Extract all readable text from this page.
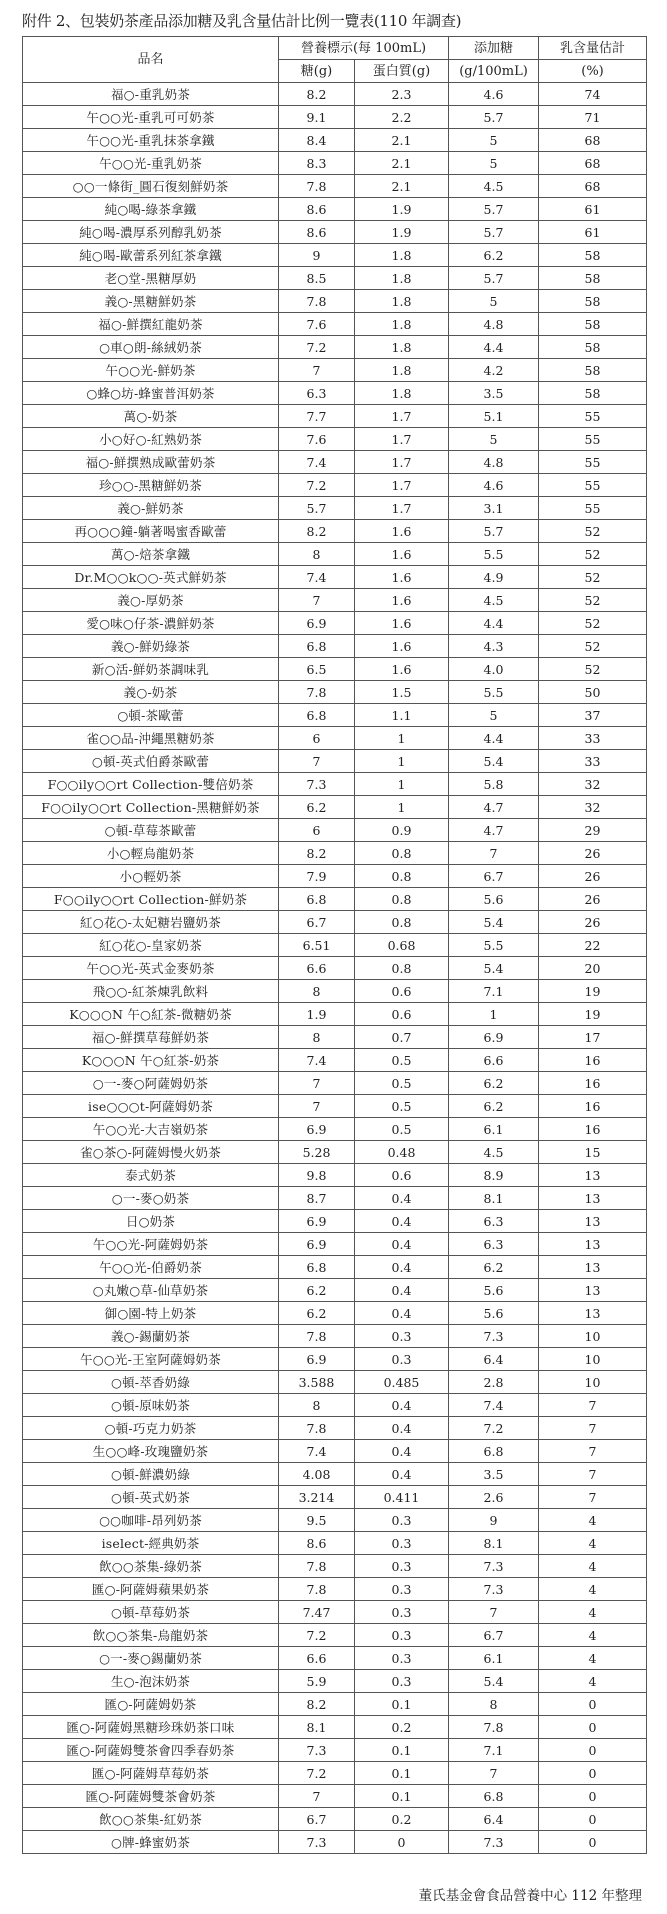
附件 2、包裝奶茶產品添加糖及乳含量估計比例一覽表(110 年調查)
品名	營養標示(每 100mL)		添加糖	乳含量估計
	糖(g)	蛋白質(g)	(g/100mL)	(%)
福○-重乳奶茶	8.2	2.3	4.6	74
午○○光-重乳可可奶茶	9.1	2.2	5.7	71
午○○光-重乳抹茶拿鐵	8.4	2.1	5	68
午○○光-重乳奶茶	8.3	2.1	5	68
○○一條街_圓石復刻鮮奶茶	7.8	2.1	4.5	68
純○喝-綠茶拿鐵	8.6	1.9	5.7	61
純○喝-濃厚系列醇乳奶茶	8.6	1.9	5.7	61
純○喝-歐蕾系列紅茶拿鐵	9	1.8	6.2	58
老○堂-黑糖厚奶	8.5	1.8	5.7	58
義○-黑糖鮮奶茶	7.8	1.8	5	58
福○-鮮撰紅龍奶茶	7.6	1.8	4.8	58
○車○朗-絲絨奶茶	7.2	1.8	4.4	58
午○○光-鮮奶茶	7	1.8	4.2	58
○蜂○坊-蜂蜜普洱奶茶	6.3	1.8	3.5	58
萬○-奶茶	7.7	1.7	5.1	55
小○好○-紅熟奶茶	7.6	1.7	5	55
福○-鮮撰熟成歐蕾奶茶	7.4	1.7	4.8	55
珍○○-黑糖鮮奶茶	7.2	1.7	4.6	55
義○-鮮奶茶	5.7	1.7	3.1	55
再○○○鐘-躺著喝蜜香歐蕾	8.2	1.6	5.7	52
萬○-焙茶拿鐵	8	1.6	5.5	52
Dr.M○○k○○-英式鮮奶茶	7.4	1.6	4.9	52
義○-厚奶茶	7	1.6	4.5	52
愛○味○仔茶-濃鮮奶茶	6.9	1.6	4.4	52
義○-鮮奶綠茶	6.8	1.6	4.3	52
新○活-鮮奶茶調味乳	6.5	1.6	4.0	52
義○-奶茶	7.8	1.5	5.5	50
○頓-茶歐蕾	6.8	1.1	5	37
雀○○品-沖繩黑糖奶茶	6	1	4.4	33
○頓-英式伯爵茶歐蕾	7	1	5.4	33
F○○ily○○rt Collection-雙倍奶茶	7.3	1	5.8	32
F○○ily○○rt Collection-黑糖鮮奶茶	6.2	1	4.7	32
○頓-草莓茶歐蕾	6	0.9	4.7	29
小○輕烏龍奶茶	8.2	0.8	7	26
小○輕奶茶	7.9	0.8	6.7	26
F○○ily○○rt Collection-鮮奶茶	6.8	0.8	5.6	26
紅○花○-太妃糖岩鹽奶茶	6.7	0.8	5.4	26
紅○花○-皇家奶茶	6.51	0.68	5.5	22
午○○光-英式金麥奶茶	6.6	0.8	5.4	20
飛○○-紅茶煉乳飲料	8	0.6	7.1	19
K○○○N 午○紅茶-微糖奶茶	1.9	0.6	1	19
福○-鮮撰草莓鮮奶茶	8	0.7	6.9	17
K○○○N 午○紅茶-奶茶	7.4	0.5	6.6	16
○一-麥○阿薩姆奶茶	7	0.5	6.2	16
ise○○○t-阿薩姆奶茶	7	0.5	6.2	16
午○○光-大吉嶺奶茶	6.9	0.5	6.1	16
雀○茶○-阿薩姆慢火奶茶	5.28	0.48	4.5	15
泰式奶茶	9.8	0.6	8.9	13
○一-麥○奶茶	8.7	0.4	8.1	13
日○奶茶	6.9	0.4	6.3	13
午○○光-阿薩姆奶茶	6.9	0.4	6.3	13
午○○光-伯爵奶茶	6.8	0.4	6.2	13
○丸嫩○草-仙草奶茶	6.2	0.4	5.6	13
御○園-特上奶茶	6.2	0.4	5.6	13
義○-錫蘭奶茶	7.8	0.3	7.3	10
午○○光-王室阿薩姆奶茶	6.9	0.3	6.4	10
○頓-萃香奶綠	3.588	0.485	2.8	10
○頓-原味奶茶	8	0.4	7.4	7
○頓-巧克力奶茶	7.8	0.4	7.2	7
生○○峰-玫瑰鹽奶茶	7.4	0.4	6.8	7
○頓-鮮濃奶綠	4.08	0.4	3.5	7
○頓-英式奶茶	3.214	0.411	2.6	7
○○咖啡-昂列奶茶	9.5	0.3	9	4
iselect-經典奶茶	8.6	0.3	8.1	4
飲○○茶集-綠奶茶	7.8	0.3	7.3	4
匯○-阿薩姆蘋果奶茶	7.8	0.3	7.3	4
○頓-草莓奶茶	7.47	0.3	7	4
飲○○茶集-烏龍奶茶	7.2	0.3	6.7	4
○一-麥○錫蘭奶茶	6.6	0.3	6.1	4
生○-泡沫奶茶	5.9	0.3	5.4	4
匯○-阿薩姆奶茶	8.2	0.1	8	0
匯○-阿薩姆黑糖珍珠奶茶口味	8.1	0.2	7.8	0
匯○-阿薩姆雙茶會四季春奶茶	7.3	0.1	7.1	0
匯○-阿薩姆草莓奶茶	7.2	0.1	7	0
匯○-阿薩姆雙茶會奶茶	7	0.1	6.8	0
飲○○茶集-紅奶茶	6.7	0.2	6.4	0
○牌-蜂蜜奶茶	7.3	0	7.3	0
董氏基金會食品營養中心 112 年整理
